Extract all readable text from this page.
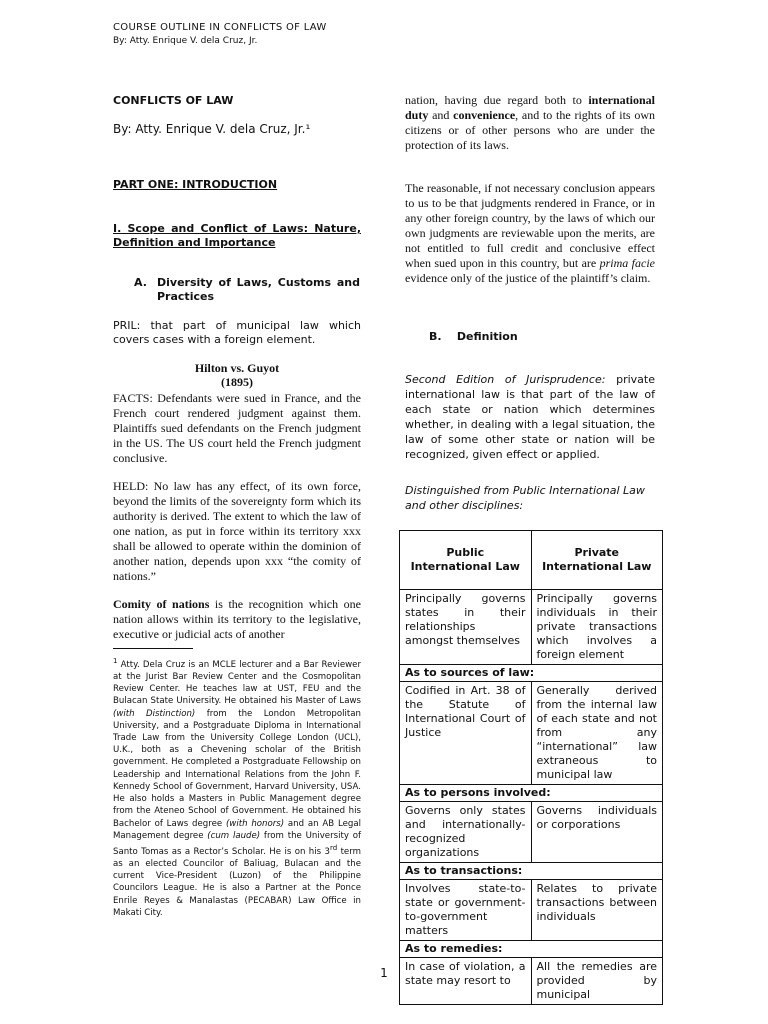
COURSE OUTLINE IN CONFLICTS OF LAW
By: Atty. Enrique V. dela Cruz, Jr.
CONFLICTS OF LAW
By: Atty. Enrique V. dela Cruz, Jr.¹
PART ONE: INTRODUCTION
I. Scope and Conflict of Laws: Nature, Definition and Importance
A. Diversity of Laws, Customs and Practices
PRIL: that part of municipal law which covers cases with a foreign element.
Hilton vs. Guyot
(1895)
FACTS: Defendants were sued in France, and the French court rendered judgment against them. Plaintiffs sued defendants on the French judgment in the US. The US court held the French judgment conclusive.
HELD: No law has any effect, of its own force, beyond the limits of the sovereignty form which its authority is derived. The extent to which the law of one nation, as put in force within its territory xxx shall be allowed to operate within the dominion of another nation, depends upon xxx “the comity of nations.”
Comity of nations is the recognition which one nation allows within its territory to the legislative, executive or judicial acts of another
$^1$ Atty. Dela Cruz is an MCLE lecturer and a Bar Reviewer at the Jurist Bar Review Center and the Cosmopolitan Review Center. He teaches law at UST, FEU and the Bulacan State University. He obtained his Master of Laws (with Distinction) from the London Metropolitan University, and a Postgraduate Diploma in International Trade Law from the University College London (UCL), U.K., both as a Chevening scholar of the British government. He completed a Postgraduate Fellowship on Leadership and International Relations from the John F. Kennedy School of Government, Harvard University, USA. He also holds a Masters in Public Management degree from the Ateneo School of Government. He obtained his Bachelor of Laws degree (with honors) and an AB Legal Management degree (cum laude) from the University of Santo Tomas as a Rector’s Scholar. He is on his 3rd term as an elected Councilor of Baliuag, Bulacan and the current Vice-President (Luzon) of the Philippine Councilors League. He is also a Partner at the Ponce Enrile Reyes & Manalastas (PECABAR) Law Office in Makati City.
nation, having due regard both to international duty and convenience, and to the rights of its own citizens or of other persons who are under the protection of its laws.
The reasonable, if not necessary conclusion appears to us to be that judgments rendered in France, or in any other foreign country, by the laws of which our own judgments are reviewable upon the merits, are not entitled to full credit and conclusive effect when sued upon in this country, but are prima facie evidence only of the justice of the plaintiff’s claim.
B. Definition
Second Edition of Jurisprudence: private international law is that part of the law of each state or nation which determines whether, in dealing with a legal situation, the law of some other state or nation will be recognized, given effect or applied.
Distinguished from Public International Law and other disciplines:
Public International Law	Private International Law
Principally governs states in their relationships amongst themselves	Principally governs individuals in their private transactions which involves a foreign element
As to sources of law:	
Codified in Art. 38 of the Statute of International Court of Justice	Generally derived from the internal law of each state and not from any “international” law extraneous to municipal law
As to persons involved:	
Governs only states and internationally-recognized organizations	Governs individuals or corporations
As to transactions:	
Involves state-to-state or government-to-government matters	Relates to private transactions between individuals
As to remedies:	
In case of violation, a state may resort to	All the remedies are provided by municipal
1
